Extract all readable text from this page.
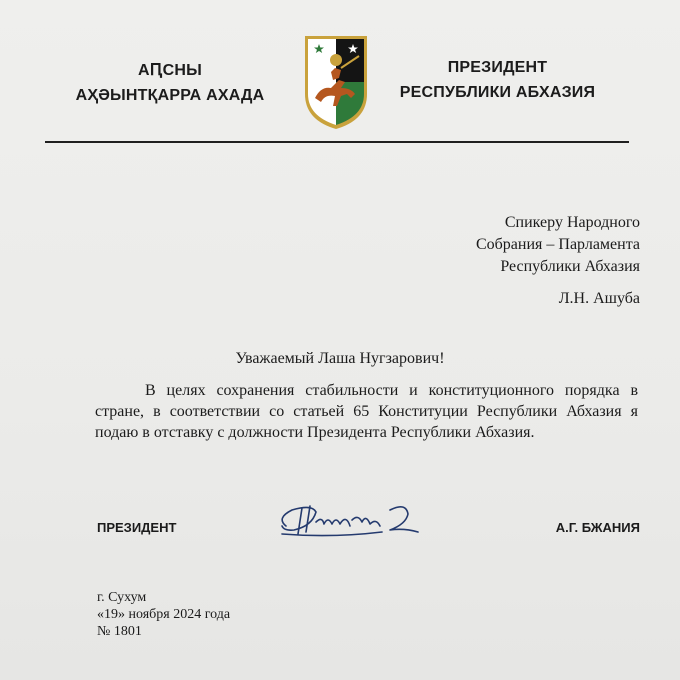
АԤСНЫ
АҲӘЫНТҚАРРА АХАДА
ПРЕЗИДЕНТ
РЕСПУБЛИКИ АБХАЗИЯ
Спикеру Народного
Собрания – Парламента
Республики Абхазия
Л.Н. Ашуба
Уважаемый Лаша Нугзарович!

В целях сохранения стабильности и конституционного порядка в стране, в соответствии со статьей 65 Конституции Республики Абхазия я подаю в отставку с должности Президента Республики Абхазия.

ПРЕЗИДЕНТ	А.Г. БЖАНИЯ
г. Сухум
«19» ноября 2024 года
№ 1801
